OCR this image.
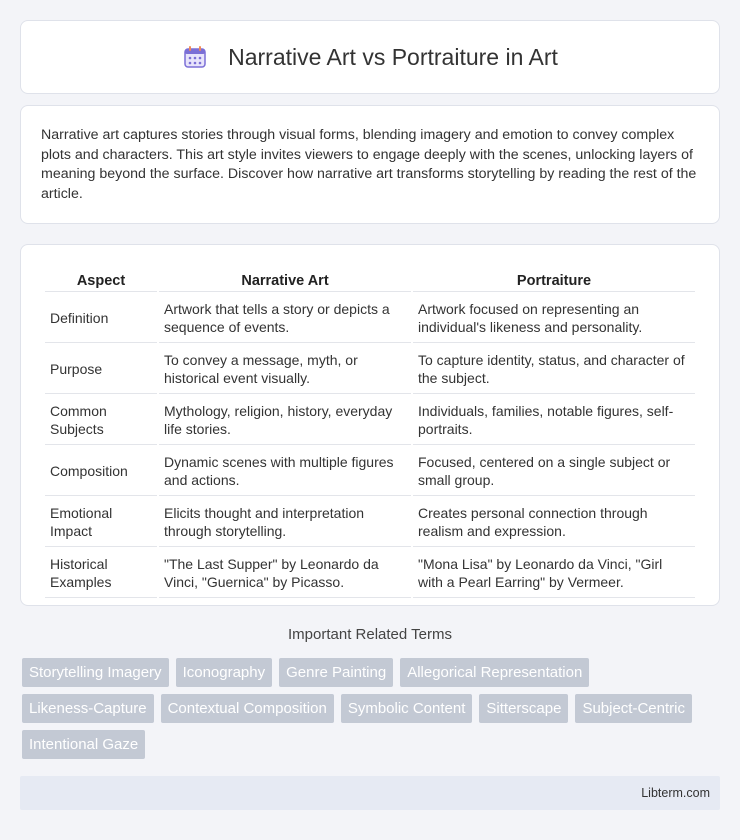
Narrative Art vs Portraiture in Art

Narrative art captures stories through visual forms, blending imagery and emotion to convey complex plots and characters. This art style invites viewers to engage deeply with the scenes, unlocking layers of meaning beyond the surface. Discover how narrative art transforms storytelling by reading the rest of the article.

Aspect	Narrative Art	Portraiture
Definition	Artwork that tells a story or depicts a sequence of events.	Artwork focused on representing an individual's likeness and personality.
Purpose	To convey a message, myth, or historical event visually.	To capture identity, status, and character of the subject.
Common Subjects	Mythology, religion, history, everyday life stories.	Individuals, families, notable figures, self-portraits.
Composition	Dynamic scenes with multiple figures and actions.	Focused, centered on a single subject or small group.
Emotional Impact	Elicits thought and interpretation through storytelling.	Creates personal connection through realism and expression.
Historical Examples	"The Last Supper" by Leonardo da Vinci, "Guernica" by Picasso.	"Mona Lisa" by Leonardo da Vinci, "Girl with a Pearl Earring" by Vermeer.
Important Related Terms
Storytelling Imagery	Iconography	Genre Painting	Allegorical Representation
Likeness-Capture	Contextual Composition	Symbolic Content	Sitterscape	Subject-Centric
Intentional Gaze
Libterm.com
